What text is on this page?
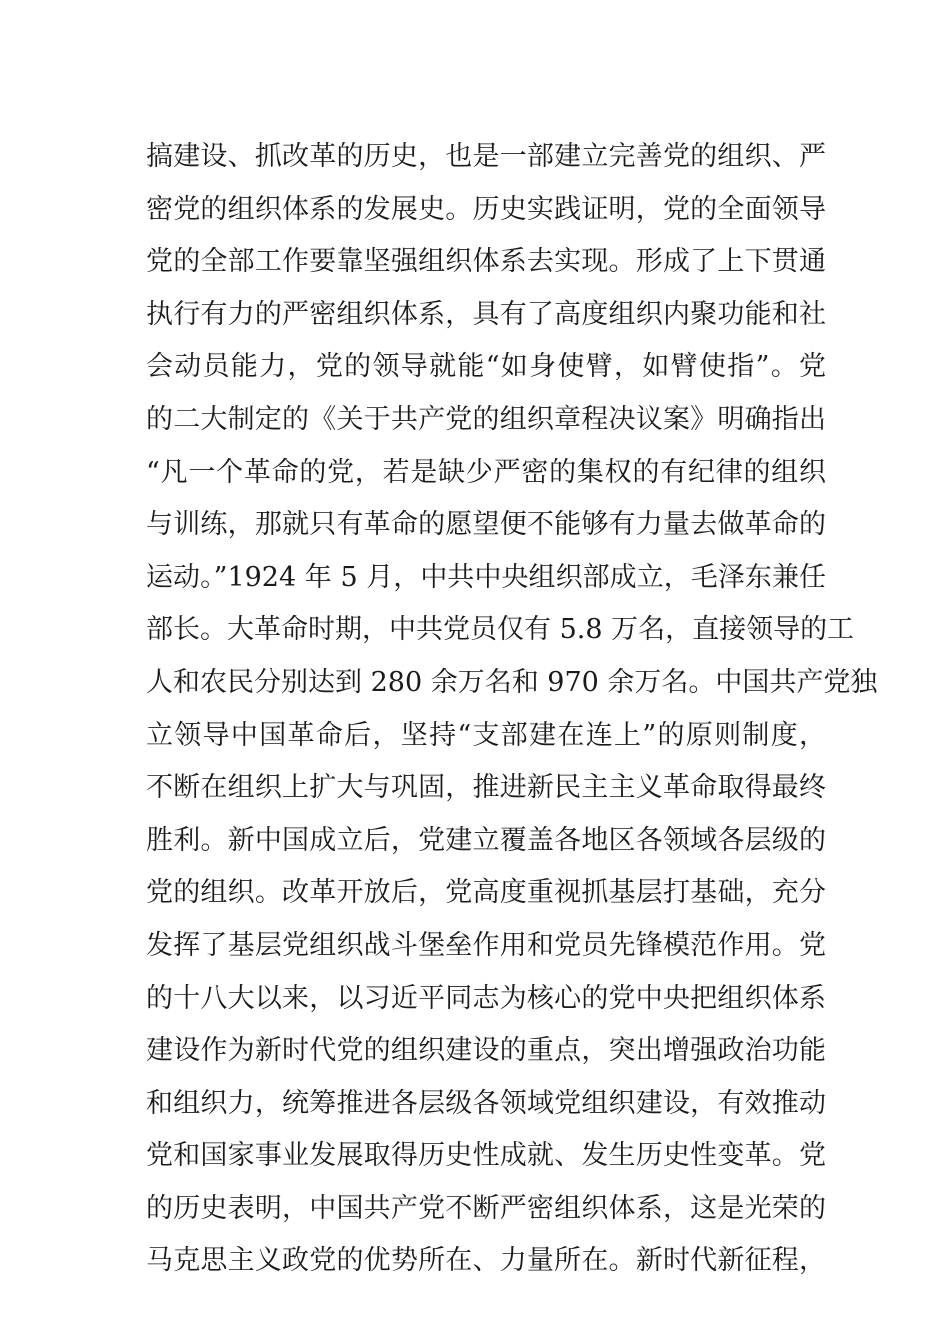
搞建设、抓改革的历史，也是一部建立完善党的组织、严
密党的组织体系的发展史。历史实践证明，党的全面领导
党的全部工作要靠坚强组织体系去实现。形成了上下贯通
执行有力的严密组织体系，具有了高度组织内聚功能和社
会动员能力，党的领导就能“如身使臂，如臂使指”。党
的二大制定的《关于共产党的组织章程决议案》明确指出
“凡一个革命的党，若是缺少严密的集权的有纪律的组织
与训练，那就只有革命的愿望便不能够有力量去做革命的
运动。”1924 年 5 月，中共中央组织部成立，毛泽东兼任
部长。大革命时期，中共党员仅有 5.8 万名，直接领导的工
人和农民分别达到 280 余万名和 970 余万名。中国共产党独
立领导中国革命后，坚持“支部建在连上”的原则制度，
不断在组织上扩大与巩固，推进新民主主义革命取得最终
胜利。新中国成立后，党建立覆盖各地区各领域各层级的
党的组织。改革开放后，党高度重视抓基层打基础，充分
发挥了基层党组织战斗堡垒作用和党员先锋模范作用。党
的十八大以来，以习近平同志为核心的党中央把组织体系
建设作为新时代党的组织建设的重点，突出增强政治功能
和组织力，统筹推进各层级各领域党组织建设，有效推动
党和国家事业发展取得历史性成就、发生历史性变革。党
的历史表明，中国共产党不断严密组织体系，这是光荣的
马克思主义政党的优势所在、力量所在。新时代新征程，
